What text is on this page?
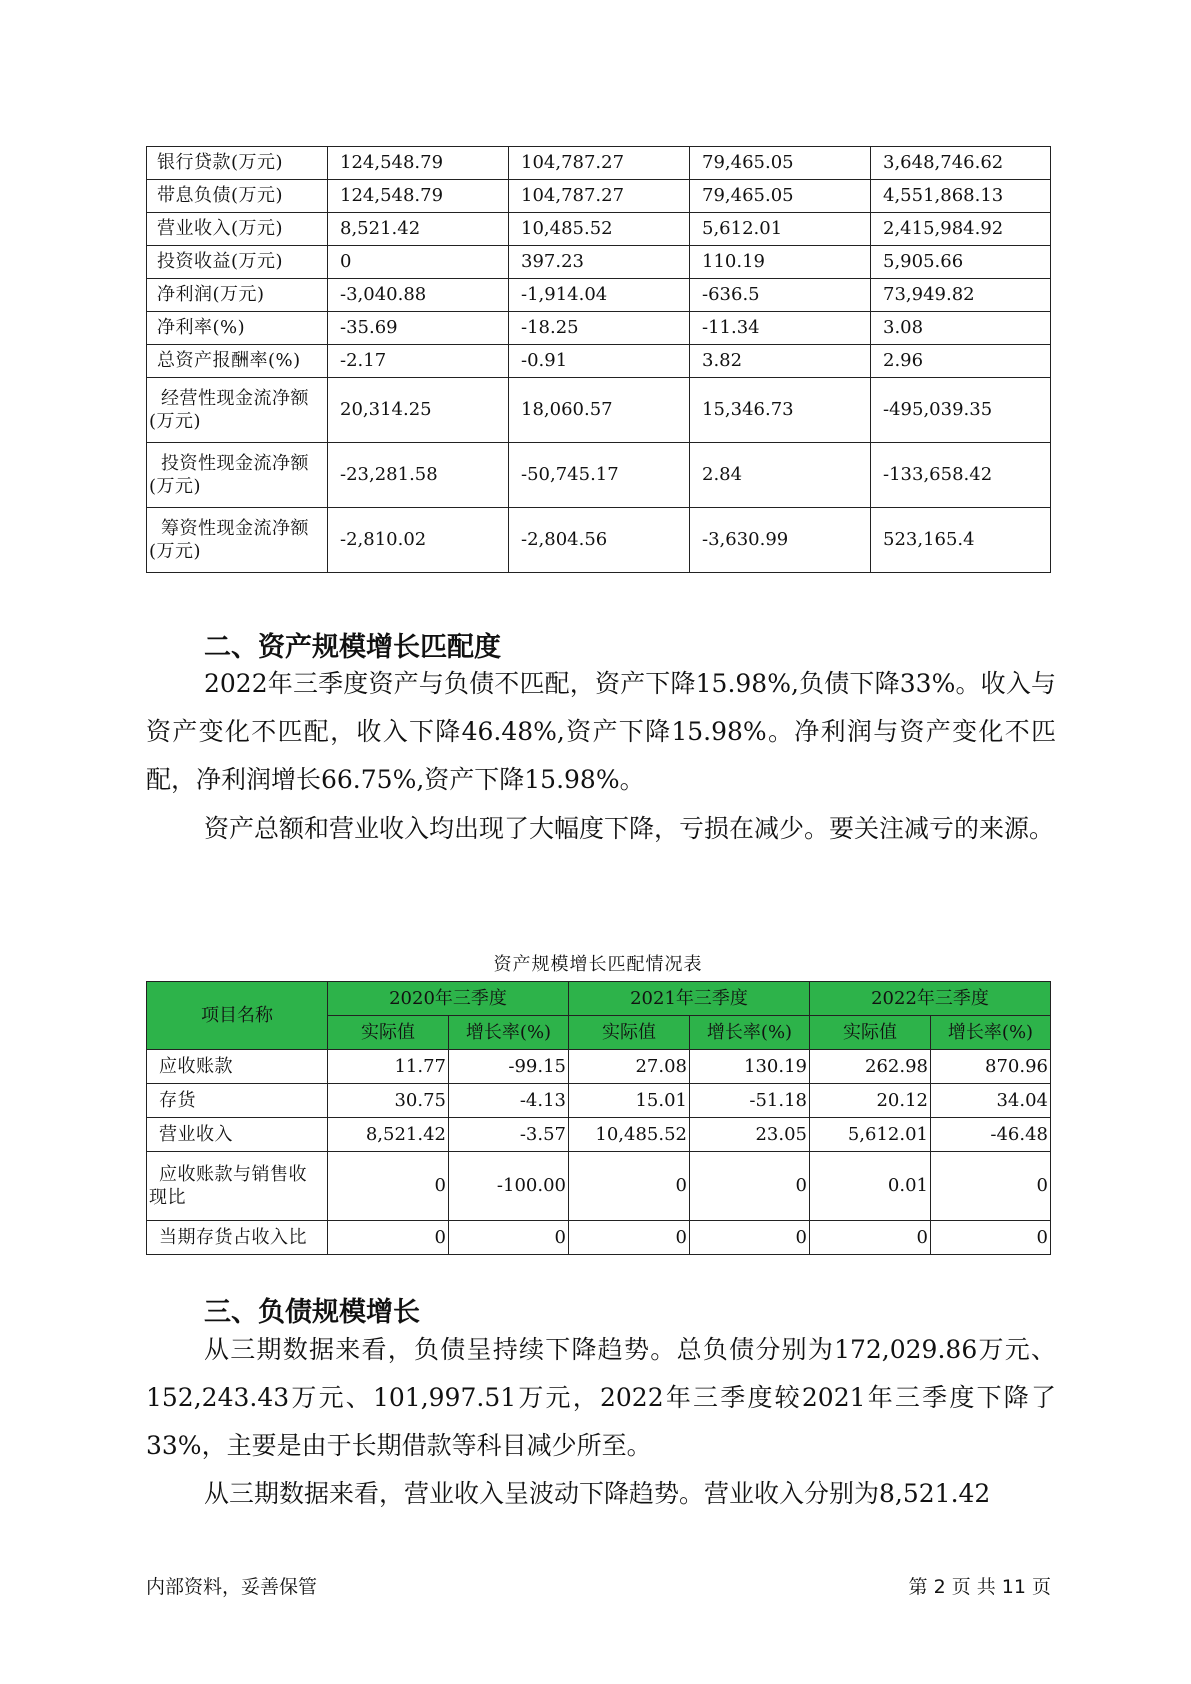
银行贷款(万元)	124,548.79	104,787.27	79,465.05	3,648,746.62
带息负债(万元)	124,548.79	104,787.27	79,465.05	4,551,868.13
营业收入(万元)	8,521.42	10,485.52	5,612.01	2,415,984.92
投资收益(万元)	0	397.23	110.19	5,905.66
净利润(万元)	-3,040.88	-1,914.04	-636.5	73,949.82
净利率(%)	-35.69	-18.25	-11.34	3.08
总资产报酬率(%)	-2.17	-0.91	3.82	2.96

经营性现金流净额
(万元)	20,314.25	18,060.57	15,346.73	-495,039.35

投资性现金流净额
(万元)	-23,281.58	-50,745.17	2.84	-133,658.42

筹资性现金流净额
(万元)	-2,810.02	-2,804.56	-3,630.99	523,165.4
二、资产规模增长匹配度

2022年三季度资产与负债不匹配，资产下降15.98%,负债下降33%。收入与资产变化不匹配，收入下降46.48%,资产下降15.98%。净利润与资产变化不匹配，净利润增长66.75%,资产下降15.98%。

资产总额和营业收入均出现了大幅度下降，亏损在减少。要关注减亏的来源。

资产规模增长匹配情况表
项目名称	2020年三季度		2021年三季度		2022年三季度	
	实际值	增长率(%)	实际值	增长率(%)	实际值	增长率(%)
应收账款	11.77	-99.15	27.08	130.19	262.98	870.96
存货	30.75	-4.13	15.01	-51.18	20.12	34.04
营业收入	8,521.42	-3.57	10,485.52	23.05	5,612.01	-46.48

应收账款与销售收
现比	0	-100.00	0	0	0.01	0
当期存货占收入比	0	0	0	0	0	0
三、负债规模增长

从三期数据来看，负债呈持续下降趋势。总负债分别为172,029.86万元、152,243.43万元、101,997.51万元，2022年三季度较2021年三季度下降了33%，主要是由于长期借款等科目减少所至。

从三期数据来看，营业收入呈波动下降趋势。营业收入分别为8,521.42

内部资料，妥善保管	第 2 页 共 11 页
